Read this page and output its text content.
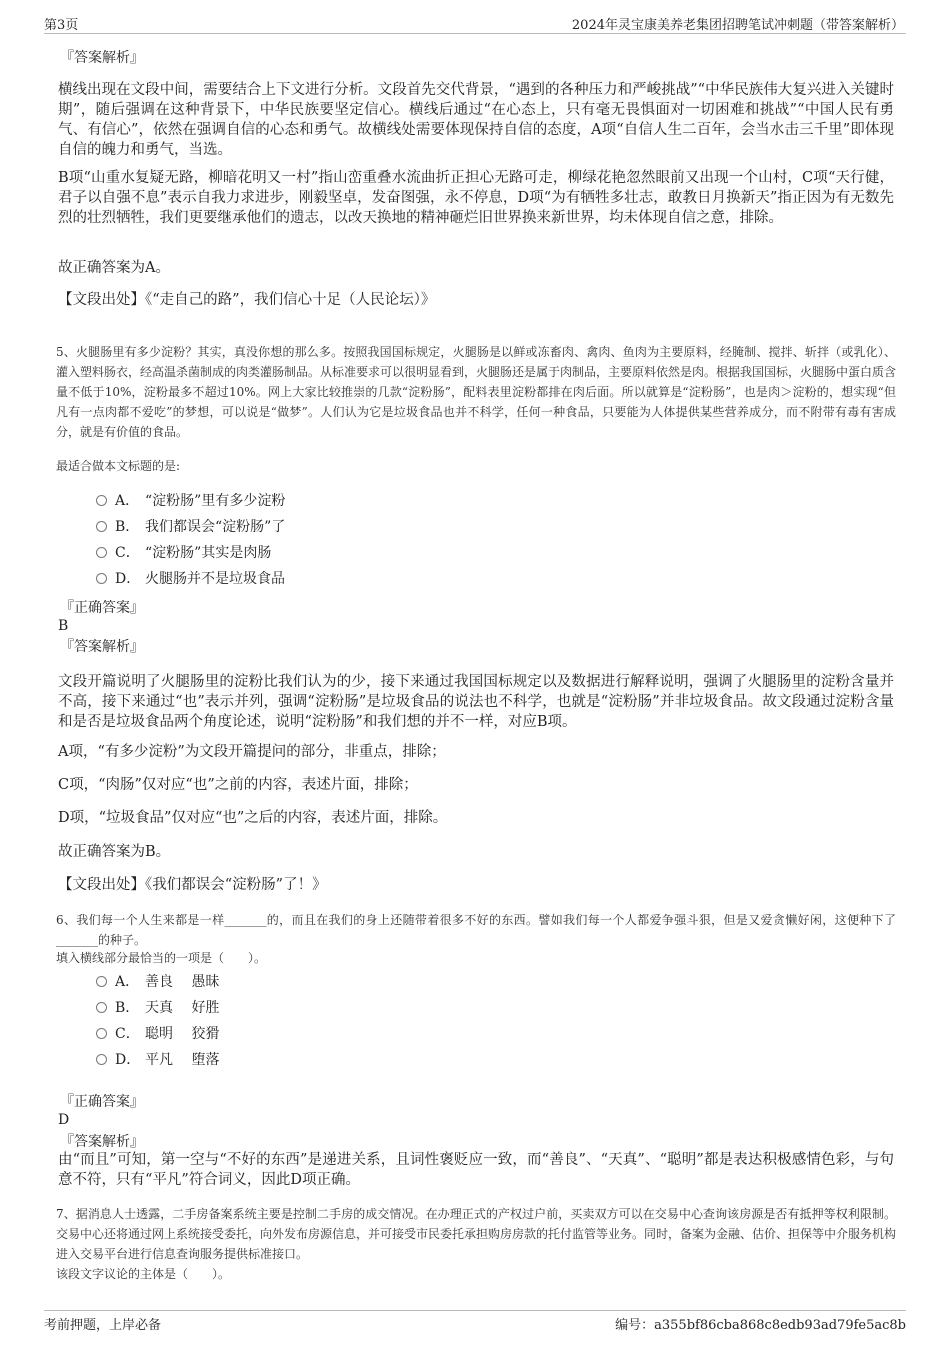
第3页	2024年灵宝康美养老集团招聘笔试冲刺题（带答案解析）
『答案解析』
横线出现在文段中间，需要结合上下文进行分析。文段首先交代背景，“遇到的各种压力和严峻挑战”“中华民族伟大复兴进入关键时期”，随后强调在这种背景下，中华民族要坚定信心。横线后通过“在心态上，只有毫无畏惧面对一切困难和挑战”“中国人民有勇气、有信心”，依然在强调自信的心态和勇气。故横线处需要体现保持自信的态度，A项“自信人生二百年，会当水击三千里”即体现自信的魄力和勇气，当选。
B项“山重水复疑无路，柳暗花明又一村”指山峦重叠水流曲折正担心无路可走，柳绿花艳忽然眼前又出现一个山村，C项“天行健，君子以自强不息”表示自我力求进步，刚毅坚卓，发奋图强，永不停息，D项“为有牺牲多壮志，敢教日月换新天”指正因为有无数先烈的壮烈牺牲，我们更要继承他们的遗志，以改天换地的精神砸烂旧世界换来新世界，均未体现自信之意，排除。
故正确答案为A。
【文段出处】《“走自己的路”，我们信心十足（人民论坛）》
5、火腿肠里有多少淀粉？其实，真没你想的那么多。按照我国国标规定，火腿肠是以鲜或冻畜肉、禽肉、鱼肉为主要原料，经腌制、搅拌、斩拌（或乳化）、灌入塑料肠衣，经高温杀菌制成的肉类灌肠制品。从标准要求可以很明显看到，火腿肠还是属于肉制品，主要原料依然是肉。根据我国国标，火腿肠中蛋白质含量不低于10%，淀粉最多不超过10%。网上大家比较推崇的几款“淀粉肠”，配料表里淀粉都排在肉后面。所以就算是“淀粉肠”，也是肉＞淀粉的，想实现“但凡有一点肉都不爱吃”的梦想，可以说是“做梦”。人们认为它是垃圾食品也并不科学，任何一种食品，只要能为人体提供某些营养成分，而不附带有毒有害成分，就是有价值的食品。
最适合做本文标题的是:
A． “淀粉肠”里有多少淀粉
B． 我们都误会“淀粉肠”了
C． “淀粉肠”其实是肉肠
D． 火腿肠并不是垃圾食品
『正确答案』
B
『答案解析』
文段开篇说明了火腿肠里的淀粉比我们认为的少，接下来通过我国国标规定以及数据进行解释说明，强调了火腿肠里的淀粉含量并不高，接下来通过“也”表示并列，强调“淀粉肠”是垃圾食品的说法也不科学，也就是“淀粉肠”并非垃圾食品。故文段通过淀粉含量和是否是垃圾食品两个角度论述，说明“淀粉肠”和我们想的并不一样，对应B项。
A项，“有多少淀粉”为文段开篇提问的部分，非重点，排除；
C项，“肉肠”仅对应“也”之前的内容，表述片面，排除；
D项，“垃圾食品”仅对应“也”之后的内容，表述片面，排除。
故正确答案为B。
【文段出处】《我们都误会“淀粉肠”了！》
6、我们每一个人生来都是一样_______的，而且在我们的身上还随带着很多不好的东西。譬如我们每一个人都爱争强斗狠，但是又爱贪懒好闲，这便种下了_______的种子。
填入横线部分最恰当的一项是（　　）。
A． 善良　 愚昧
B． 天真　 好胜
C． 聪明　 狡猾
D． 平凡　 堕落
『正确答案』
D
『答案解析』
由“而且”可知，第一空与“不好的东西”是递进关系，且词性褒贬应一致，而“善良”、“天真”、“聪明”都是表达积极感情色彩，与句意不符，只有“平凡”符合词义，因此D项正确。
7、据消息人士透露，二手房备案系统主要是控制二手房的成交情况。在办理正式的产权过户前，买卖双方可以在交易中心查询该房源是否有抵押等权利限制。交易中心还将通过网上系统接受委托，向外发布房源信息，并可接受市民委托承担购房房款的托付监管等业务。同时，备案为金融、估价、担保等中介服务机构进入交易平台进行信息查询服务提供标准接口。
该段文字议论的主体是（　　）。
考前押题，上岸必备	编号：a355bf86cba868c8edb93ad79fe5ac8b
